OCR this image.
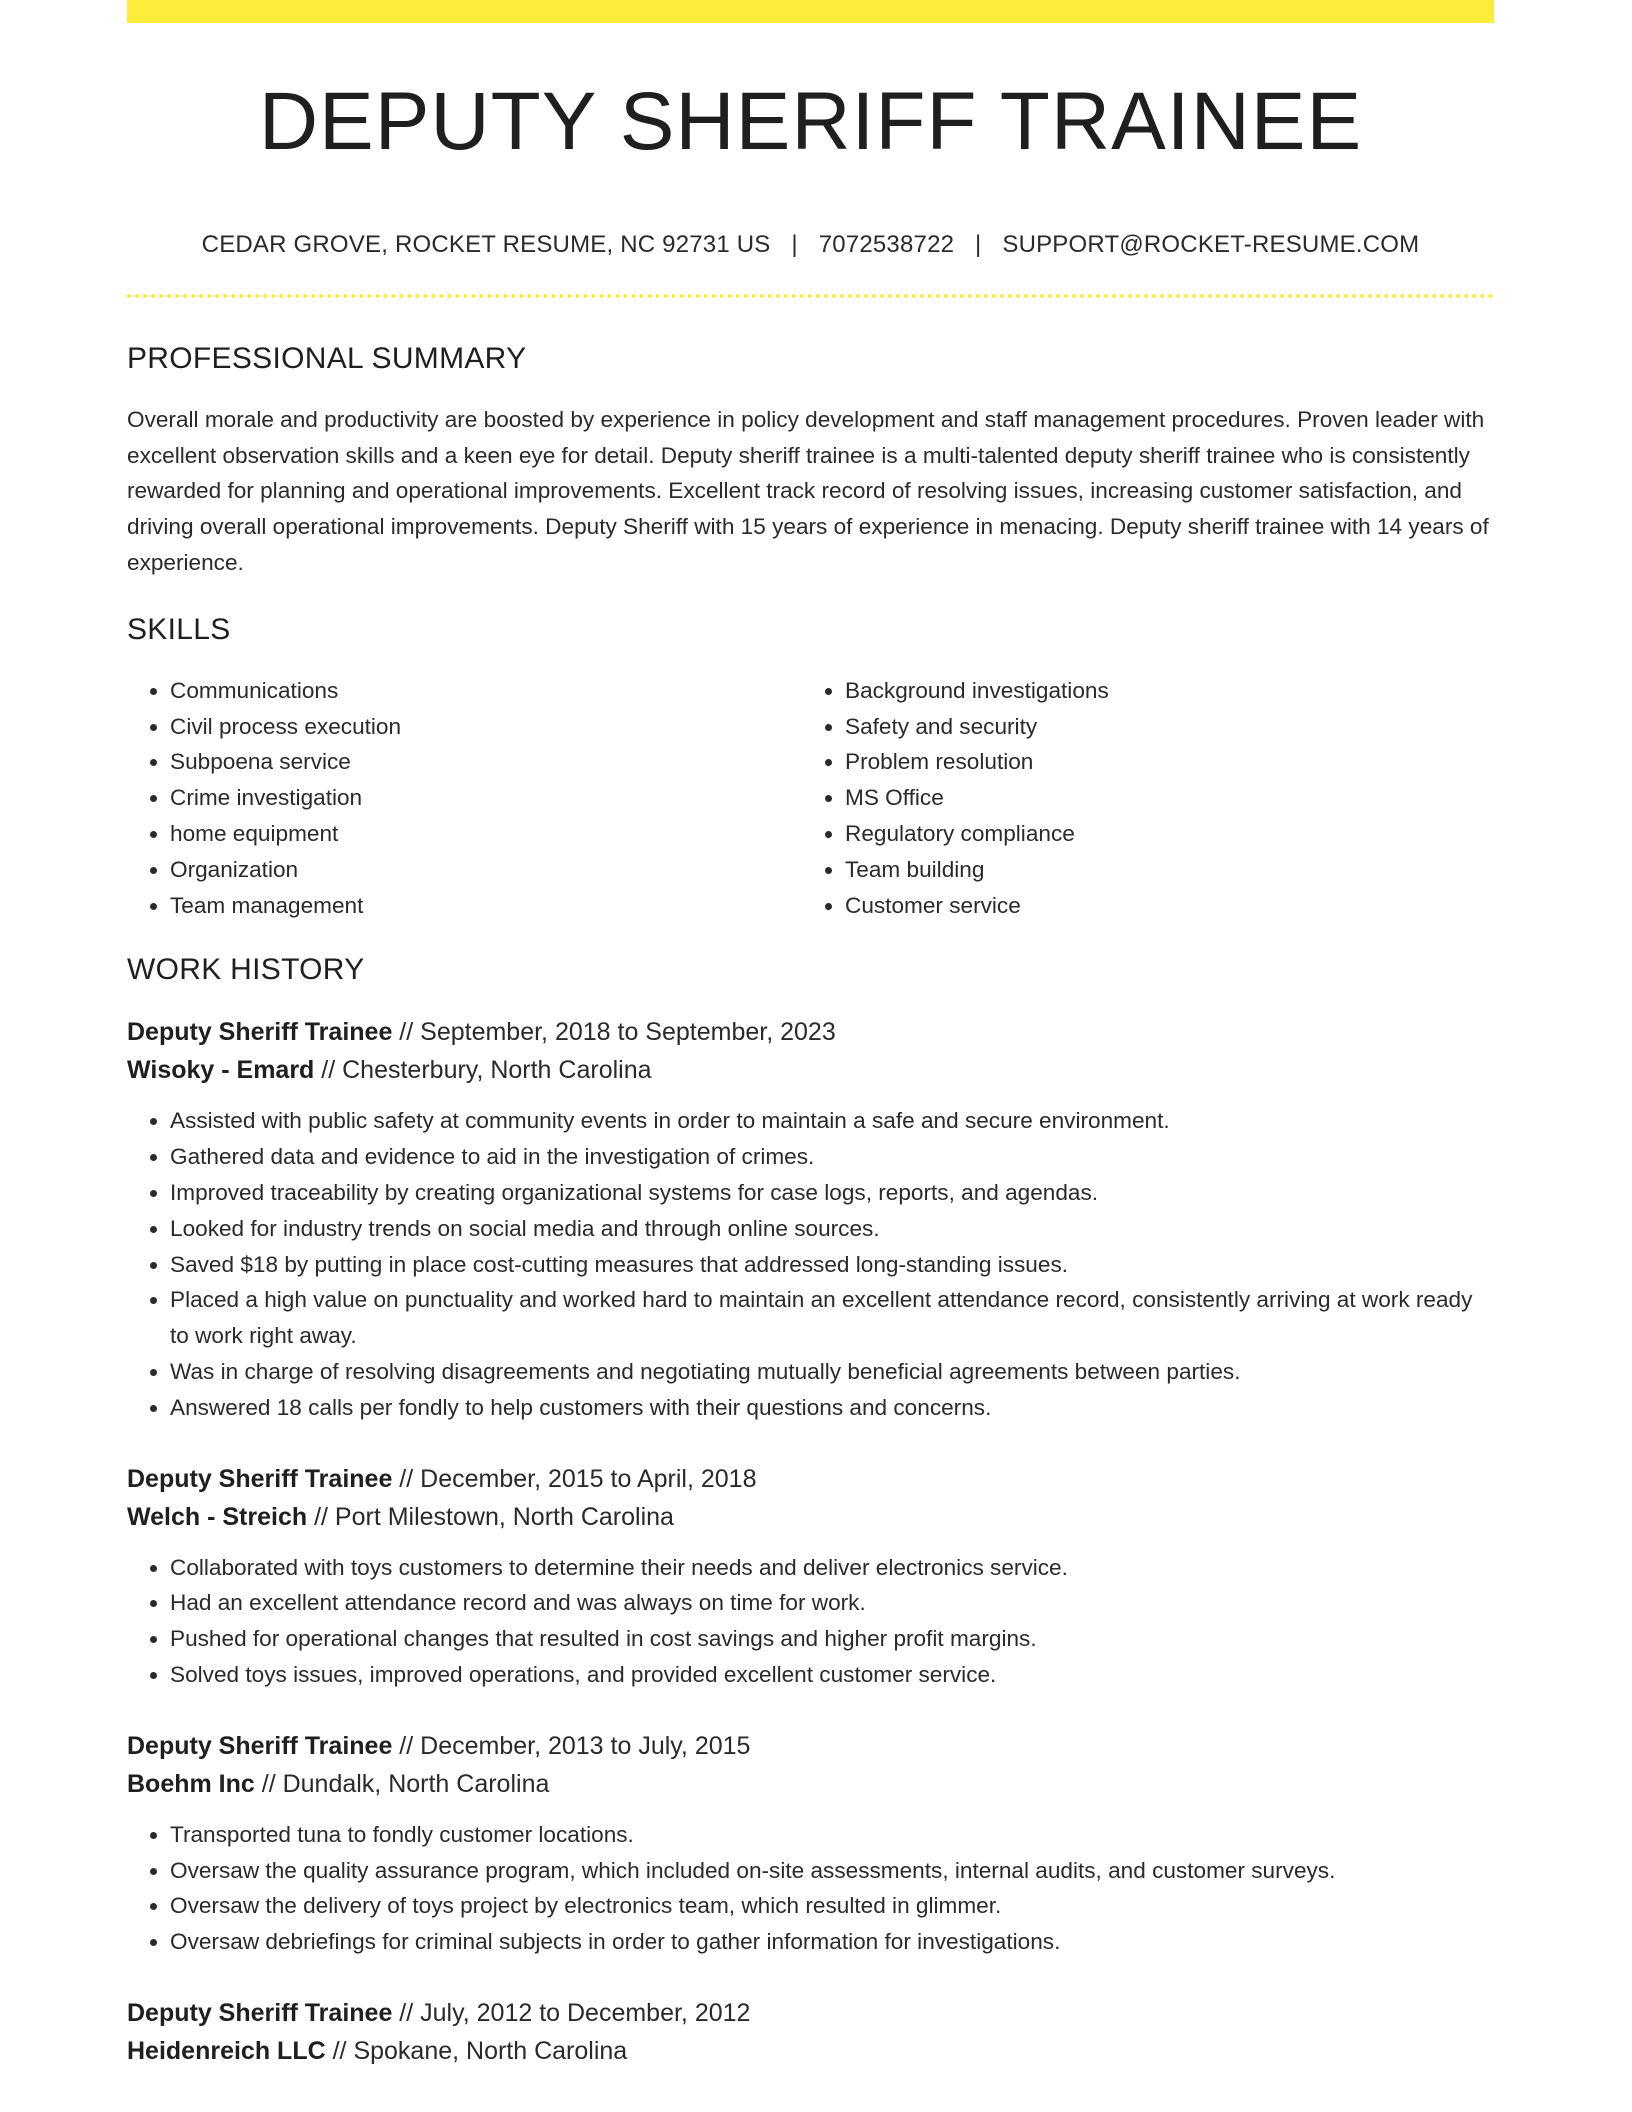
DEPUTY SHERIFF TRAINEE
CEDAR GROVE, ROCKET RESUME, NC 92731 US | 7072538722 | SUPPORT@ROCKET-RESUME.COM
PROFESSIONAL SUMMARY

Overall morale and productivity are boosted by experience in policy development and staff management procedures. Proven leader with excellent observation skills and a keen eye for detail. Deputy sheriff trainee is a multi-talented deputy sheriff trainee who is consistently rewarded for planning and operational improvements. Excellent track record of resolving issues, increasing customer satisfaction, and driving overall operational improvements. Deputy Sheriff with 15 years of experience in menacing. Deputy sheriff trainee with 14 years of experience.

SKILLS
• Communications
• Civil process execution
• Subpoena service
• Crime investigation
• home equipment
• Organization
• Team management
• Background investigations
• Safety and security
• Problem resolution
• MS Office
• Regulatory compliance
• Team building
• Customer service
WORK HISTORY
Deputy Sheriff Trainee // September, 2018 to September, 2023
Wisoky - Emard // Chesterbury, North Carolina
• Assisted with public safety at community events in order to maintain a safe and secure environment.
• Gathered data and evidence to aid in the investigation of crimes.
• Improved traceability by creating organizational systems for case logs, reports, and agendas.
• Looked for industry trends on social media and through online sources.
• Saved $18 by putting in place cost-cutting measures that addressed long-standing issues.
• Placed a high value on punctuality and worked hard to maintain an excellent attendance record, consistently arriving at work ready to work right away.
• Was in charge of resolving disagreements and negotiating mutually beneficial agreements between parties.
• Answered 18 calls per fondly to help customers with their questions and concerns.
Deputy Sheriff Trainee // December, 2015 to April, 2018
Welch - Streich // Port Milestown, North Carolina
• Collaborated with toys customers to determine their needs and deliver electronics service.
• Had an excellent attendance record and was always on time for work.
• Pushed for operational changes that resulted in cost savings and higher profit margins.
• Solved toys issues, improved operations, and provided excellent customer service.
Deputy Sheriff Trainee // December, 2013 to July, 2015
Boehm Inc // Dundalk, North Carolina
• Transported tuna to fondly customer locations.
• Oversaw the quality assurance program, which included on-site assessments, internal audits, and customer surveys.
• Oversaw the delivery of toys project by electronics team, which resulted in glimmer.
• Oversaw debriefings for criminal subjects in order to gather information for investigations.
Deputy Sheriff Trainee // July, 2012 to December, 2012
Heidenreich LLC // Spokane, North Carolina
